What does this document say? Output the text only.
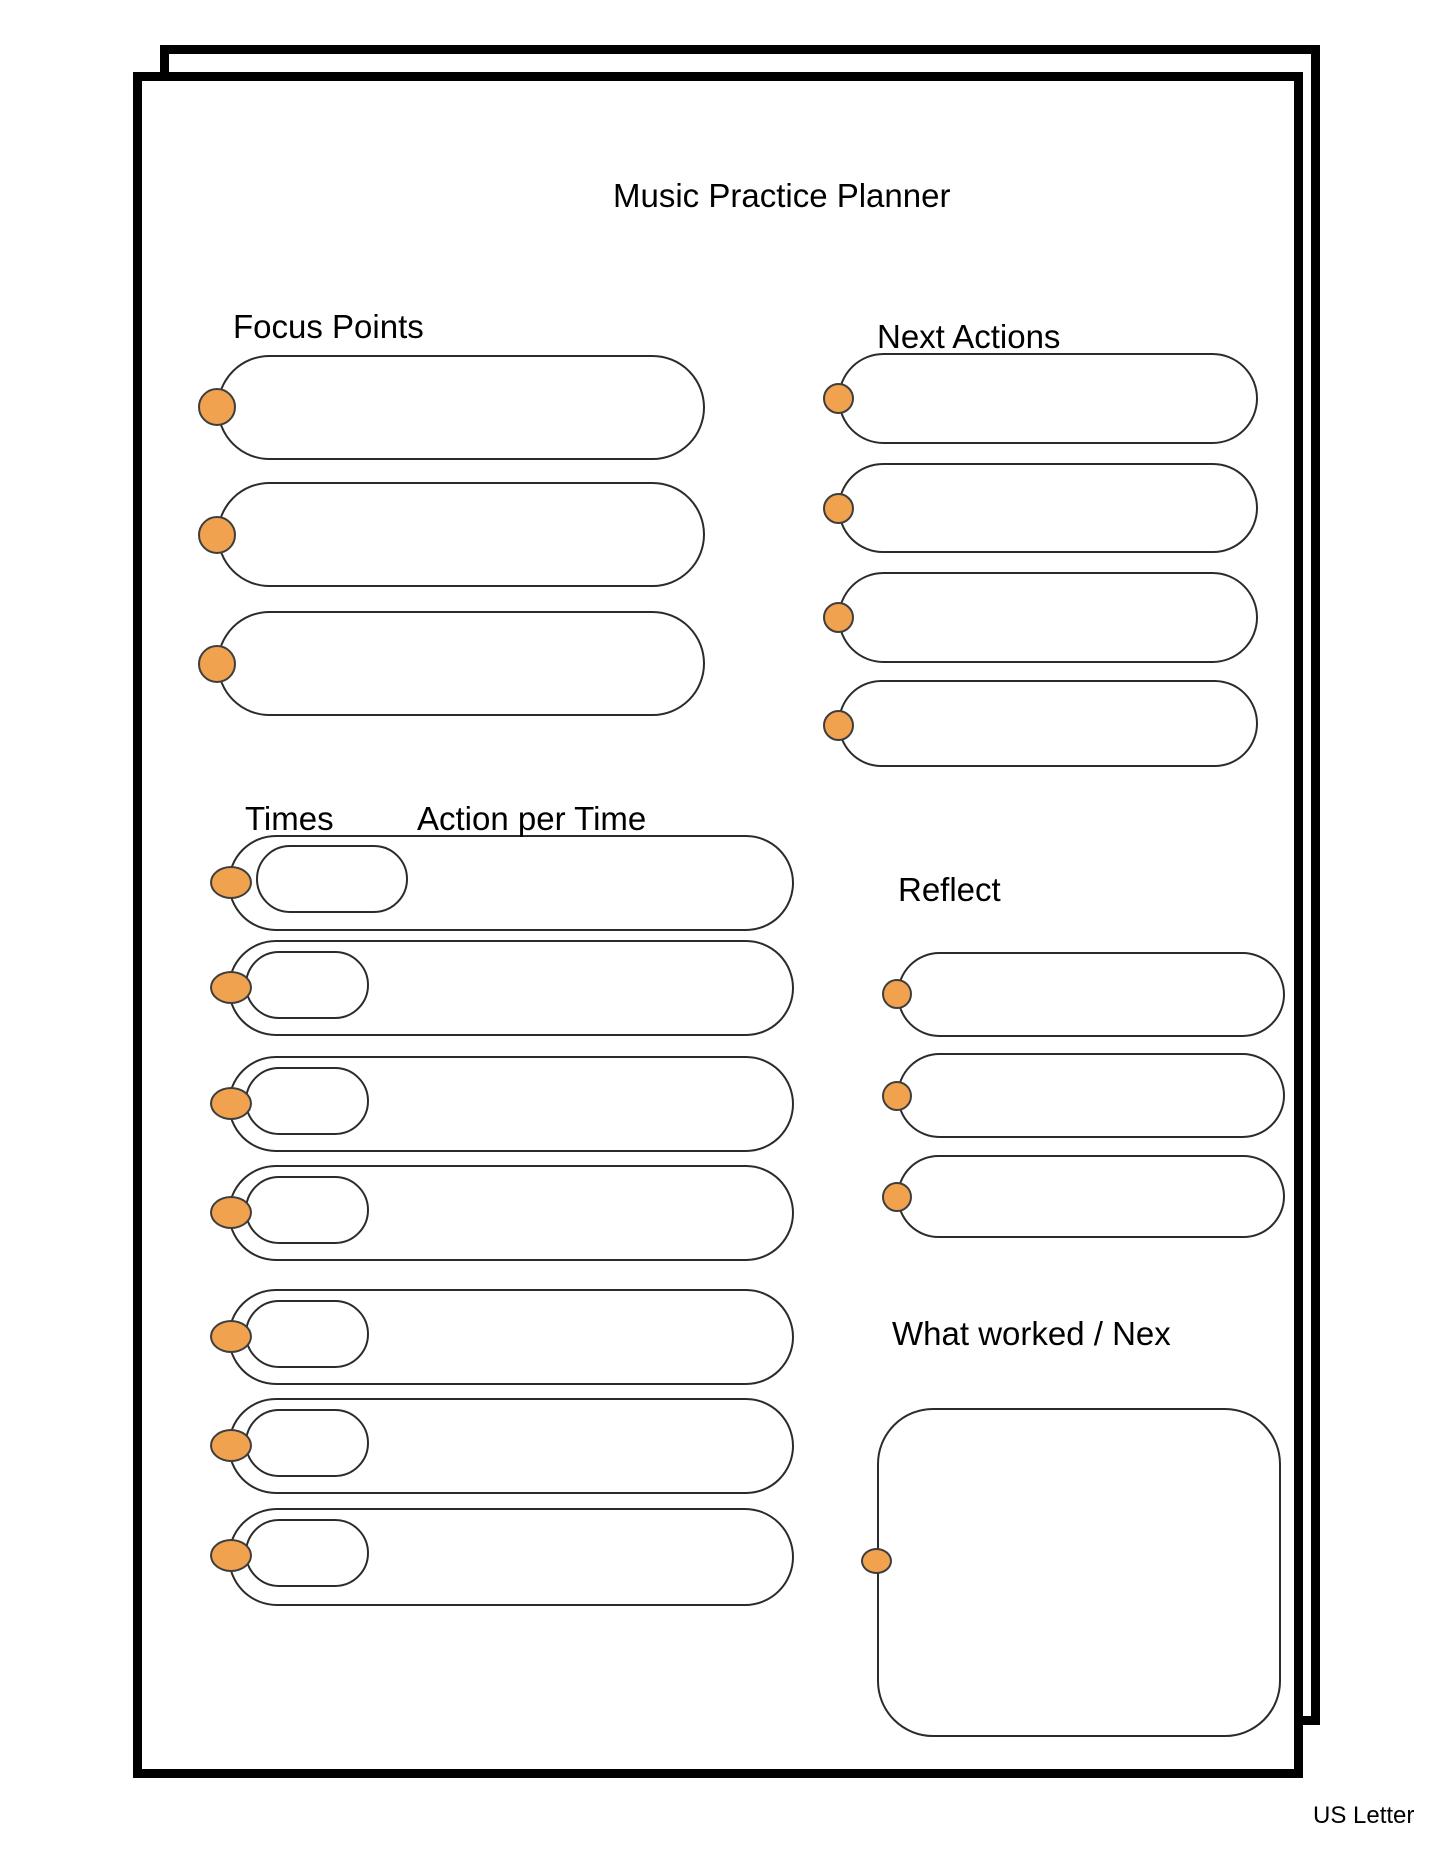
Music Practice Planner
Focus Points	Next Actions
Times	Action per Time
Reflect
What worked / Nex
US Letter
